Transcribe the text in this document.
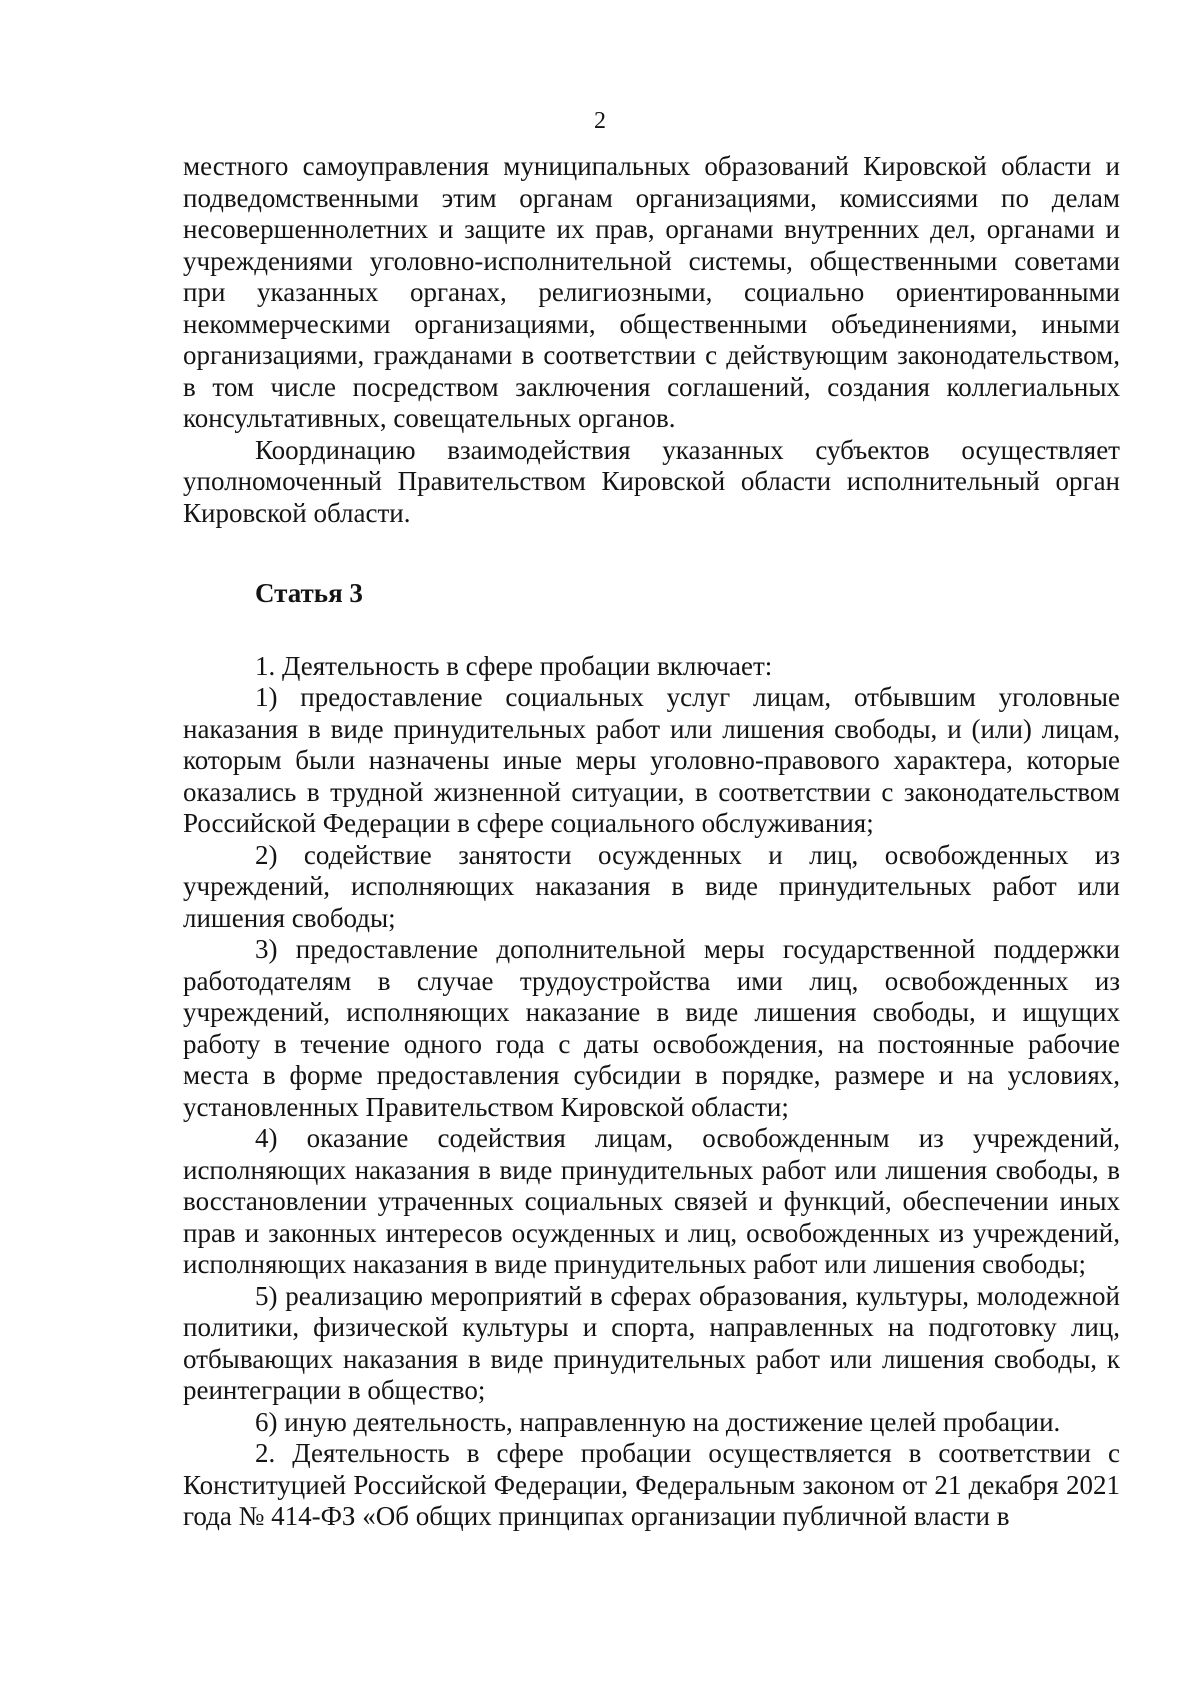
2

местного самоуправления муниципальных образований Кировской области и подведомственными этим органам организациями, комиссиями по делам несовершеннолетних и защите их прав, органами внутренних дел, органами и учреждениями уголовно-исполнительной системы, общественными советами при указанных органах, религиозными, социально ориентированными некоммерческими организациями, общественными объединениями, иными организациями, гражданами в соответствии с действующим законодательством, в том числе посредством заключения соглашений, создания коллегиальных консультативных, совещательных органов.

Координацию взаимодействия указанных субъектов осуществляет уполномоченный Правительством Кировской области исполнительный орган Кировской области.

Статья 3

1. Деятельность в сфере пробации включает:

1) предоставление социальных услуг лицам, отбывшим уголовные наказания в виде принудительных работ или лишения свободы, и (или) лицам, которым были назначены иные меры уголовно-правового характера, которые оказались в трудной жизненной ситуации, в соответствии с законодательством Российской Федерации в сфере социального обслуживания;

2) содействие занятости осужденных и лиц, освобожденных из учреждений, исполняющих наказания в виде принудительных работ или лишения свободы;

3) предоставление дополнительной меры государственной поддержки работодателям в случае трудоустройства ими лиц, освобожденных из учреждений, исполняющих наказание в виде лишения свободы, и ищущих работу в течение одного года с даты освобождения, на постоянные рабочие места в форме предоставления субсидии в порядке, размере и на условиях, установленных Правительством Кировской области;

4) оказание содействия лицам, освобожденным из учреждений, исполняющих наказания в виде принудительных работ или лишения свободы, в восстановлении утраченных социальных связей и функций, обеспечении иных прав и законных интересов осужденных и лиц, освобожденных из учреждений, исполняющих наказания в виде принудительных работ или лишения свободы;

5) реализацию мероприятий в сферах образования, культуры, молодежной политики, физической культуры и спорта, направленных на подготовку лиц, отбывающих наказания в виде принудительных работ или лишения свободы, к реинтеграции в общество;

6) иную деятельность, направленную на достижение целей пробации.

2. Деятельность в сфере пробации осуществляется в соответствии с Конституцией Российской Федерации, Федеральным законом от 21 декабря 2021 года № 414-ФЗ «Об общих принципах организации публичной власти в
